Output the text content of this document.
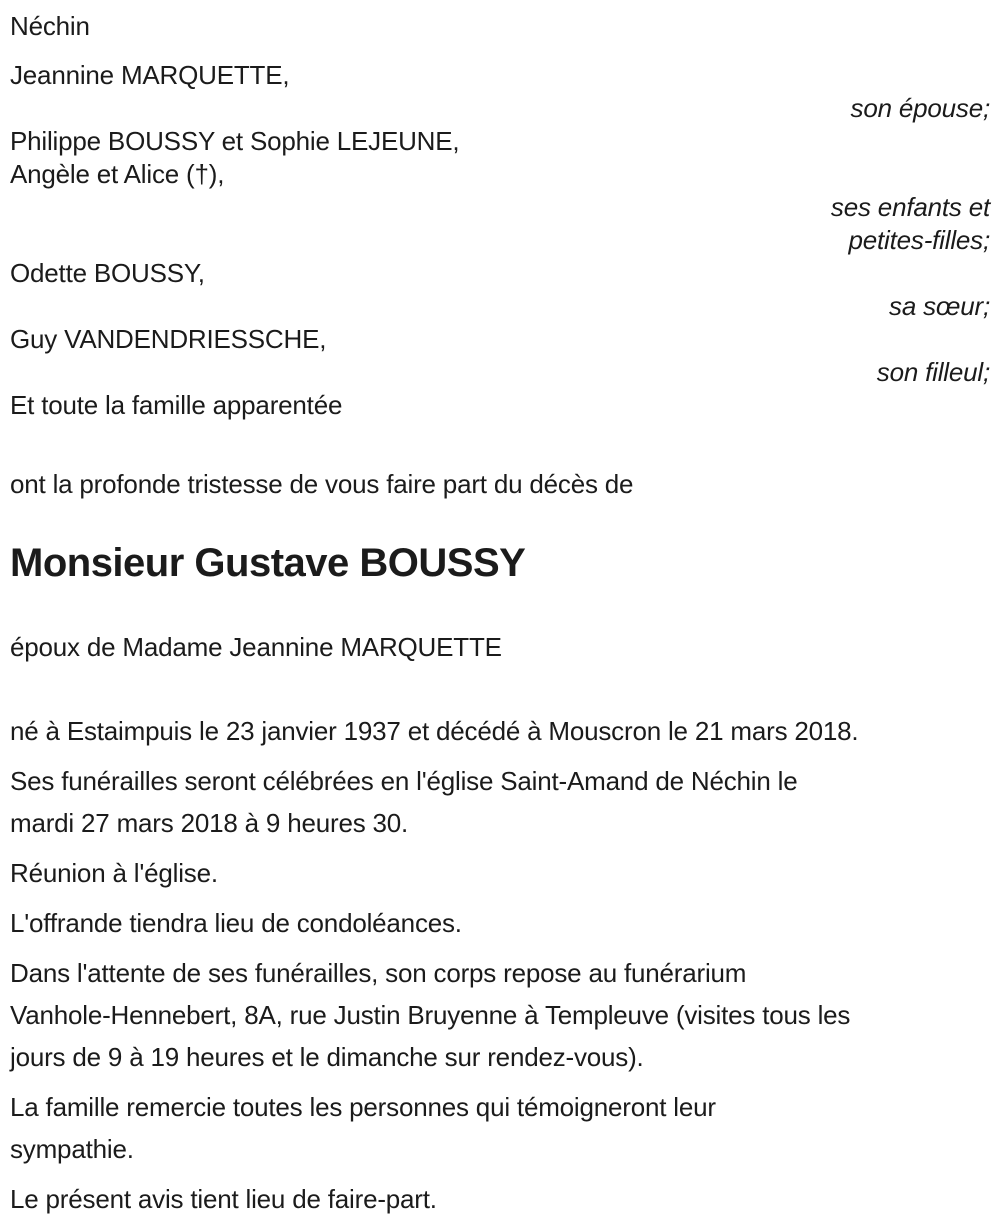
Néchin
Jeannine MARQUETTE,
son épouse;
Philippe BOUSSY et Sophie LEJEUNE,
Angèle et Alice (†),
ses enfants et
petites-filles;
Odette BOUSSY,
sa sœur;
Guy VANDENDRIESSCHE,
son filleul;
Et toute la famille apparentée
ont la profonde tristesse de vous faire part du décès de
Monsieur Gustave BOUSSY
époux de Madame Jeannine MARQUETTE

né à Estaimpuis le 23 janvier 1937 et décédé à Mouscron le 21 mars 2018.

Ses funérailles seront célébrées en l'église Saint-Amand de Néchin le
mardi 27 mars 2018 à 9 heures 30.

Réunion à l'église.

L'offrande tiendra lieu de condoléances.

Dans l'attente de ses funérailles, son corps repose au funérarium
Vanhole-Hennebert, 8A, rue Justin Bruyenne à Templeuve (visites tous les
jours de 9 à 19 heures et le dimanche sur rendez-vous).

La famille remercie toutes les personnes qui témoigneront leur
sympathie.

Le présent avis tient lieu de faire-part.
